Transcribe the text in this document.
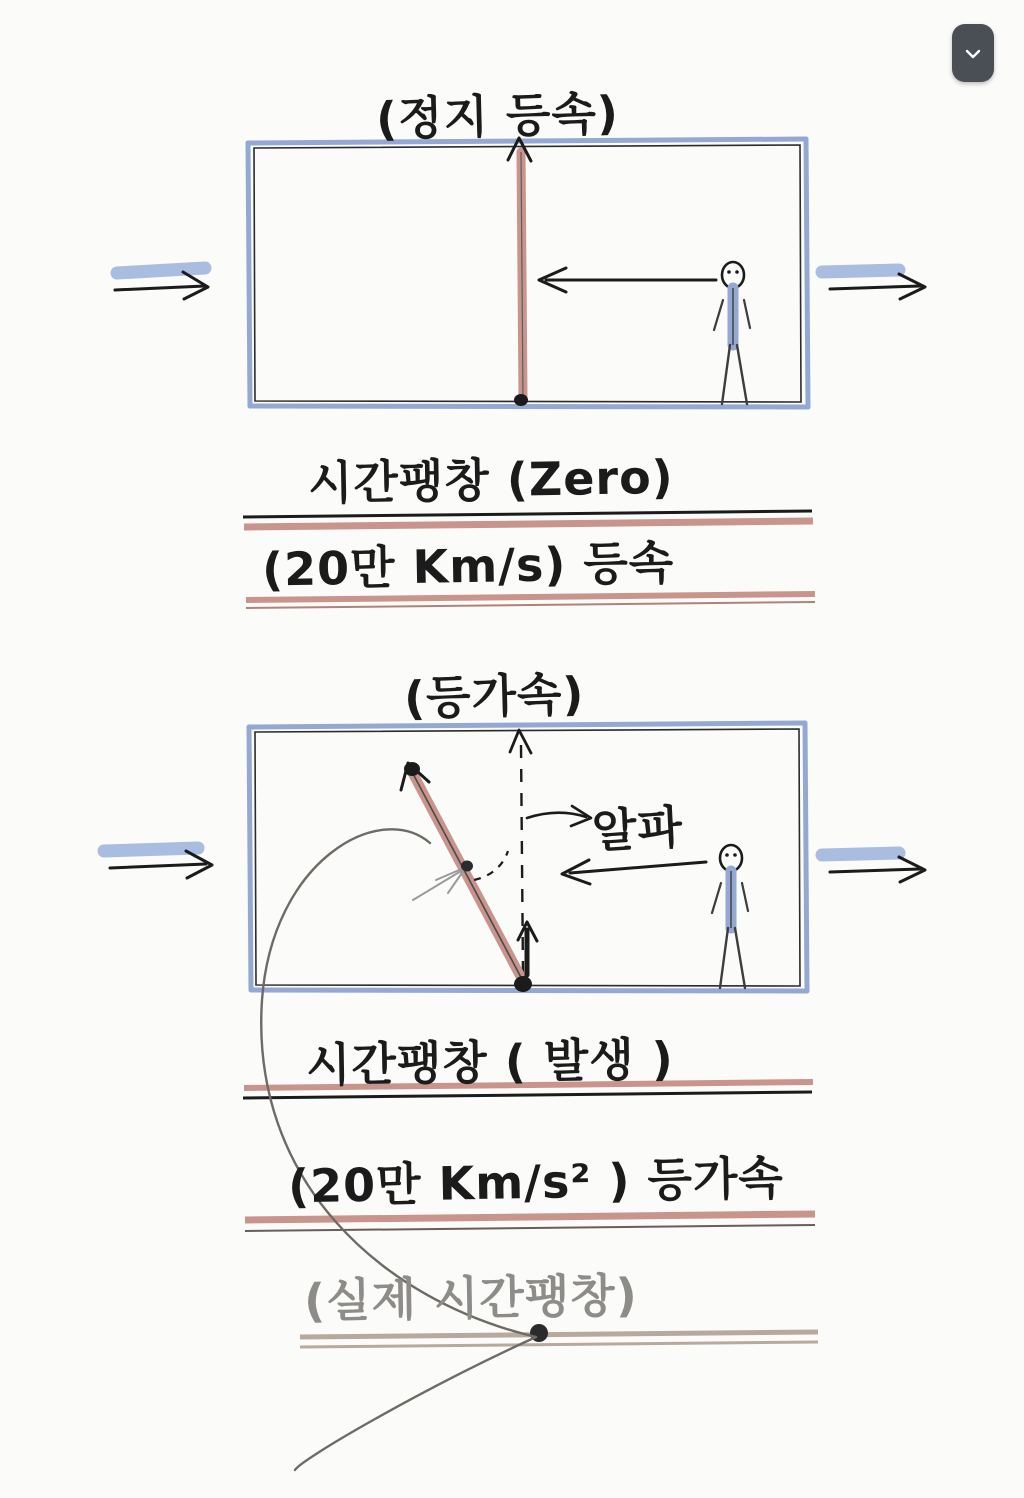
(정지 등속)
시간팽창 (Zero)
(20만 Km/s) 등속
(등가속)
알파
시간팽창 ( 발생 )
(20만 Km/s² ) 등가속
(실제 시간팽창)
